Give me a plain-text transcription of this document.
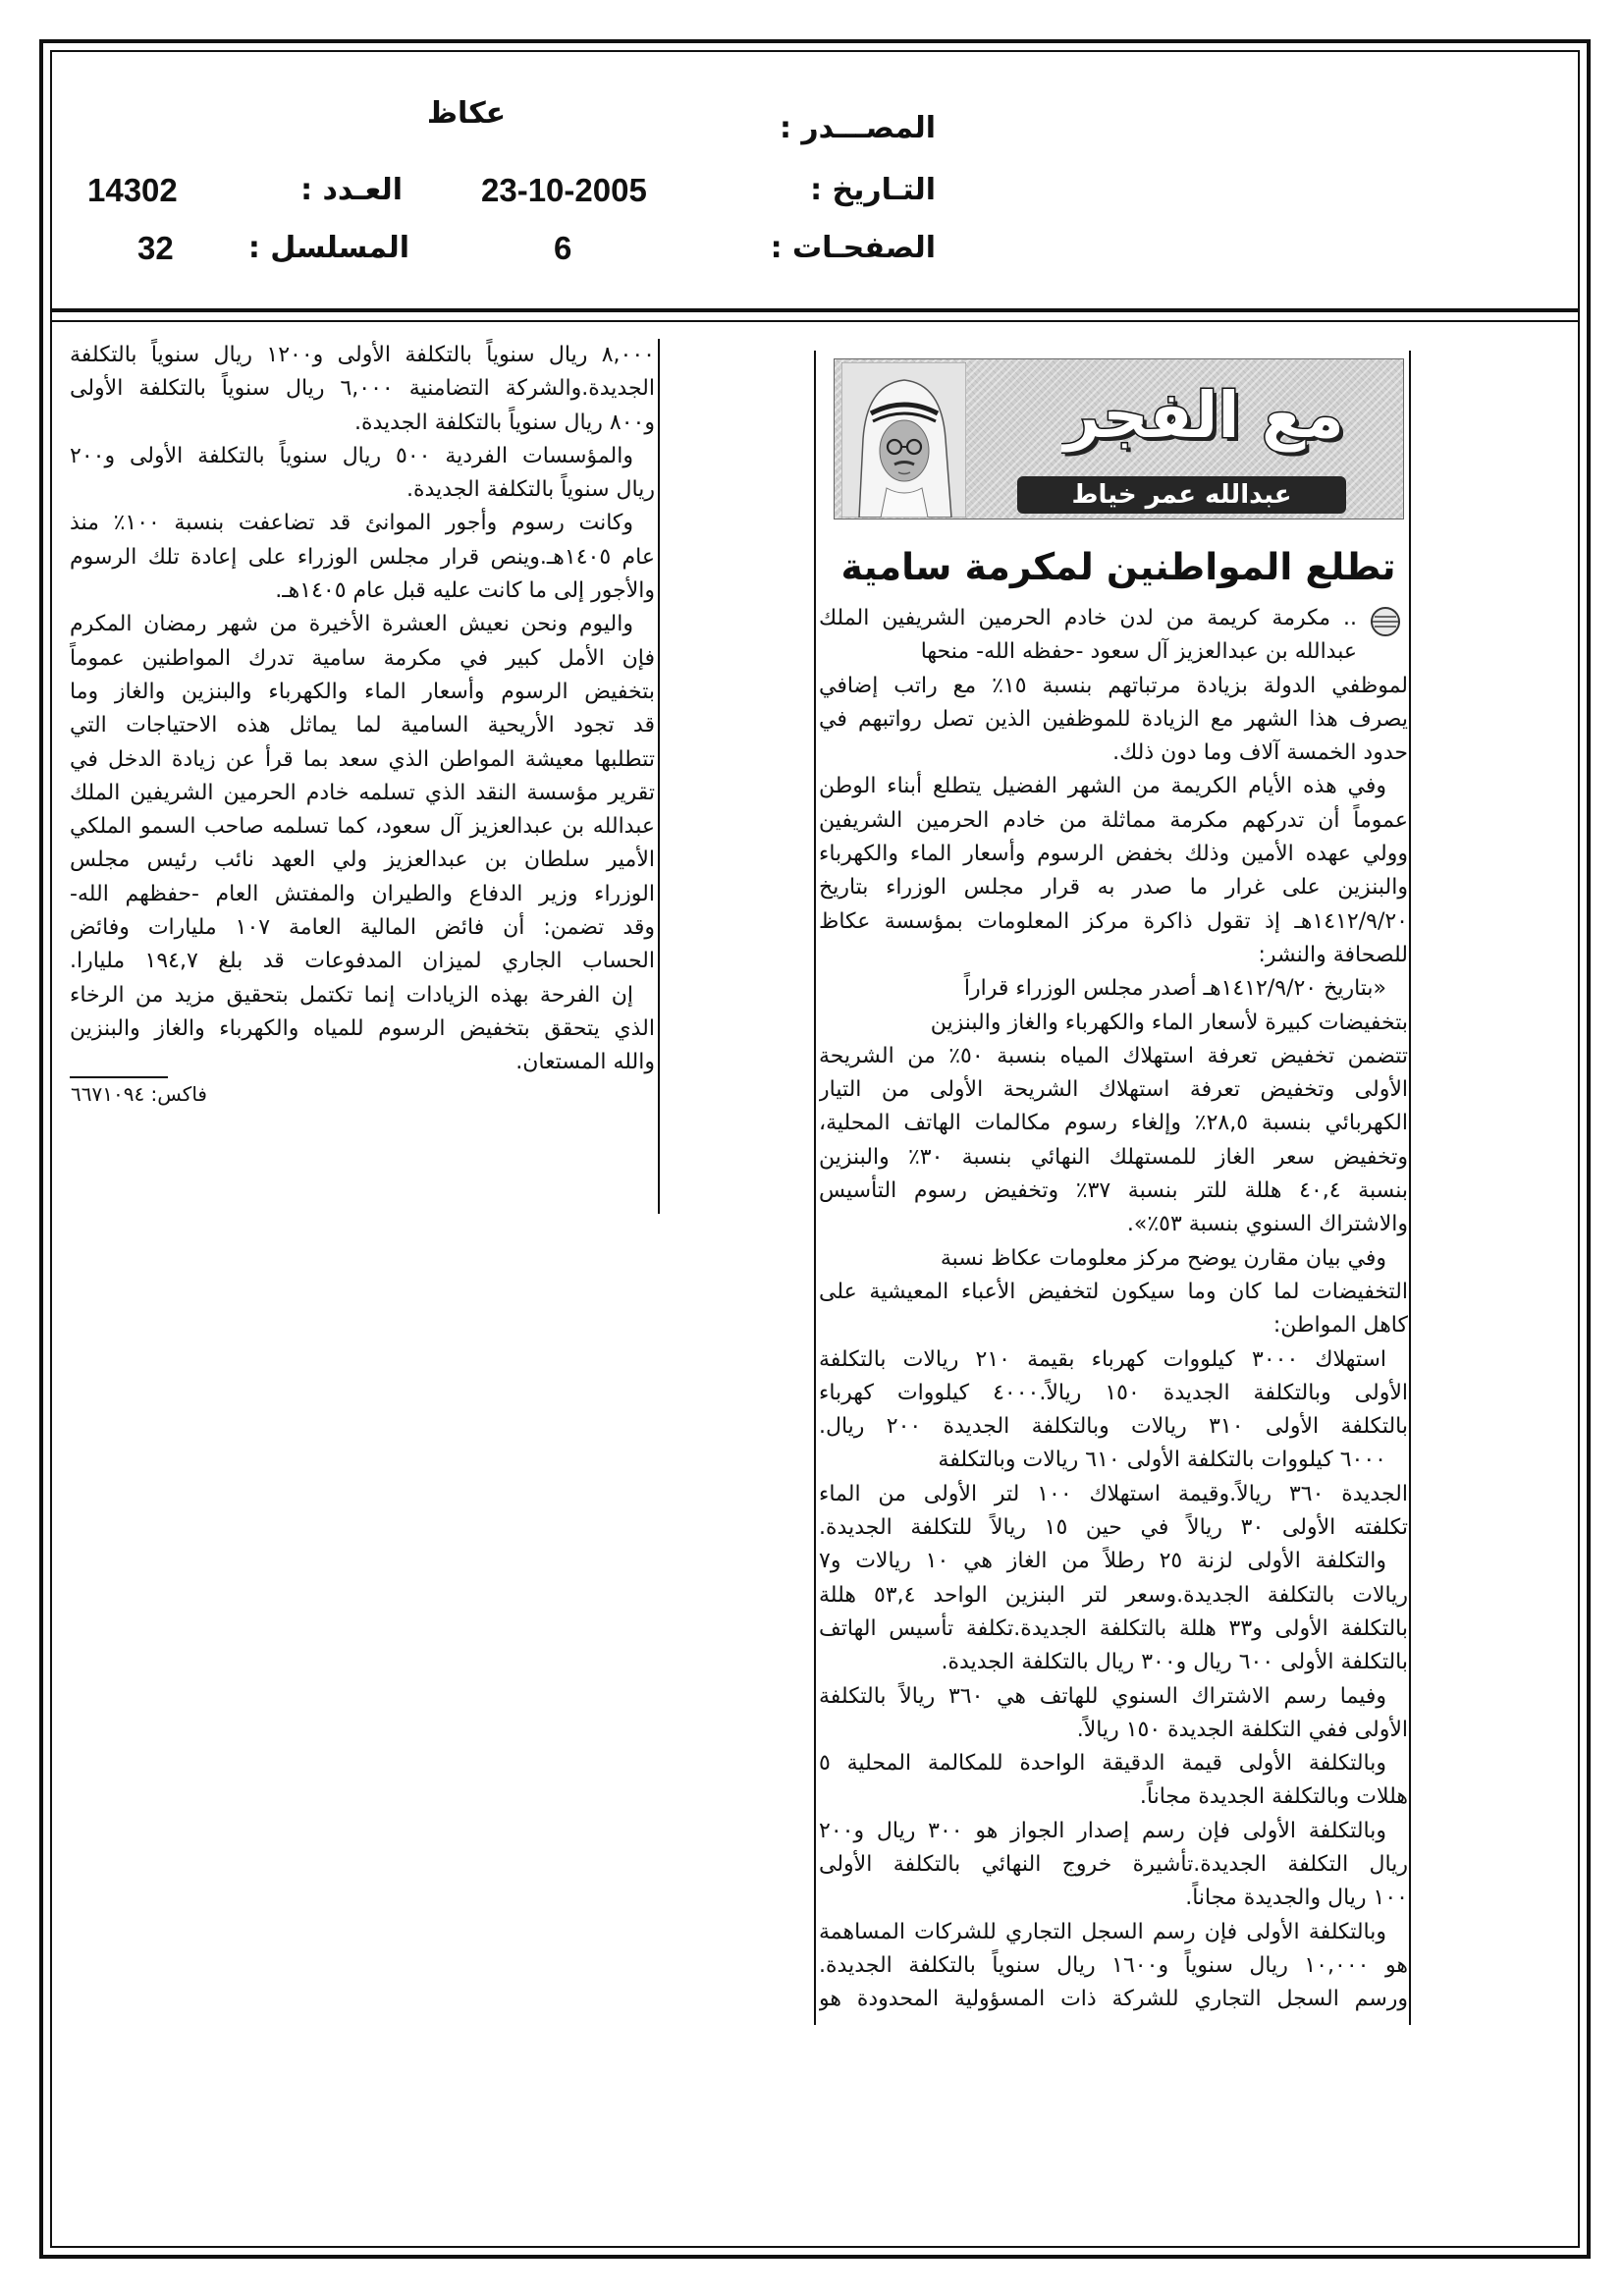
المصـــدر :
عكاظ
التـاريخ :
23-10-2005
العـدد :
14302
الصفحـات :
6
المسلسل :
32
مع الفجر
عبدالله عمر خياط
تطلع المواطنين لمكرمة سامية
.. مكرمة كريمة من لدن خادم الحرمين الشريفين الملك
عبدالله بن عبدالعزيز آل سعود -حفظه الله- منحها
لموظفي الدولة بزيادة مرتباتهم بنسبة ١٥٪ مع راتب إضافي
يصرف هذا الشهر مع الزيادة للموظفين الذين تصل رواتبهم في
حدود الخمسة آلاف وما دون ذلك.
وفي هذه الأيام الكريمة من الشهر الفضيل يتطلع أبناء الوطن
عموماً أن تدركهم مكرمة مماثلة من خادم الحرمين الشريفين
وولي عهده الأمين وذلك بخفض الرسوم وأسعار الماء والكهرباء
والبنزين على غرار ما صدر به قرار مجلس الوزراء بتاريخ
١٤١٢/٩/٢٠هـ إذ تقول ذاكرة مركز المعلومات بمؤسسة عكاظ
للصحافة والنشر:
«بتاريخ ١٤١٢/٩/٢٠هـ أصدر مجلس الوزراء قراراً
بتخفيضات كبيرة لأسعار الماء والكهرباء والغاز والبنزين
تتضمن تخفيض تعرفة استهلاك المياه بنسبة ٥٠٪ من الشريحة
الأولى وتخفيض تعرفة استهلاك الشريحة الأولى من التيار
الكهربائي بنسبة ٢٨,٥٪ وإلغاء رسوم مكالمات الهاتف المحلية،
وتخفيض سعر الغاز للمستهلك النهائي بنسبة ٣٠٪ والبنزين
بنسبة ٤٠,٤ هللة للتر بنسبة ٣٧٪ وتخفيض رسوم التأسيس
والاشتراك السنوي بنسبة ٥٣٪».
وفي بيان مقارن يوضح مركز معلومات عكاظ نسبة
التخفيضات لما كان وما سيكون لتخفيض الأعباء المعيشية على
كاهل المواطن:
استهلاك ٣٠٠٠ كيلووات كهرباء بقيمة ٢١٠ ريالات بالتكلفة
الأولى وبالتكلفة الجديدة ١٥٠ ريالاً.٤٠٠٠ كيلووات كهرباء
بالتكلفة الأولى ٣١٠ ريالات وبالتكلفة الجديدة ٢٠٠ ريال.
٦٠٠٠ كيلووات بالتكلفة الأولى ٦١٠ ريالات وبالتكلفة
الجديدة ٣٦٠ ريالاً.وقيمة استهلاك ١٠٠ لتر الأولى من الماء
تكلفته الأولى ٣٠ ريالاً في حين ١٥ ريالاً للتكلفة الجديدة.
والتكلفة الأولى لزنة ٢٥ رطلاً من الغاز هي ١٠ ريالات و٧
ريالات بالتكلفة الجديدة.وسعر لتر البنزين الواحد ٥٣,٤ هللة
بالتكلفة الأولى و٣٣ هللة بالتكلفة الجديدة.تكلفة تأسيس الهاتف
بالتكلفة الأولى ٦٠٠ ريال و٣٠٠ ريال بالتكلفة الجديدة.
وفيما رسم الاشتراك السنوي للهاتف هي ٣٦٠ ريالاً بالتكلفة
الأولى ففي التكلفة الجديدة ١٥٠ ريالاً.
وبالتكلفة الأولى قيمة الدقيقة الواحدة للمكالمة المحلية ٥
هللات وبالتكلفة الجديدة مجاناً.
وبالتكلفة الأولى فإن رسم إصدار الجواز هو ٣٠٠ ريال و٢٠٠
ريال التكلفة الجديدة.تأشيرة خروج النهائي بالتكلفة الأولى
١٠٠ ريال والجديدة مجاناً.
وبالتكلفة الأولى فإن رسم السجل التجاري للشركات المساهمة
هو ١٠,٠٠٠ ريال سنوياً و١٦٠٠ ريال سنوياً بالتكلفة الجديدة.
ورسم السجل التجاري للشركة ذات المسؤولية المحدودة هو
٨,٠٠٠ ريال سنوياً بالتكلفة الأولى و١٢٠٠ ريال سنوياً بالتكلفة
الجديدة.والشركة التضامنية ٦,٠٠٠ ريال سنوياً بالتكلفة الأولى
و٨٠٠ ريال سنوياً بالتكلفة الجديدة.
والمؤسسات الفردية ٥٠٠ ريال سنوياً بالتكلفة الأولى و٢٠٠
ريال سنوياً بالتكلفة الجديدة.
وكانت رسوم وأجور الموانئ قد تضاعفت بنسبة ١٠٠٪ منذ
عام ١٤٠٥هـ.وينص قرار مجلس الوزراء على إعادة تلك الرسوم
والأجور إلى ما كانت عليه قبل عام ١٤٠٥هـ.
واليوم ونحن نعيش العشرة الأخيرة من شهر رمضان المكرم
فإن الأمل كبير في مكرمة سامية تدرك المواطنين عموماً
بتخفيض الرسوم وأسعار الماء والكهرباء والبنزين والغاز وما
قد تجود الأريحية السامية لما يماثل هذه الاحتياجات التي
تتطلبها معيشة المواطن الذي سعد بما قرأ عن زيادة الدخل في
تقرير مؤسسة النقد الذي تسلمه خادم الحرمين الشريفين الملك
عبدالله بن عبدالعزيز آل سعود، كما تسلمه صاحب السمو الملكي
الأمير سلطان بن عبدالعزيز ولي العهد نائب رئيس مجلس
الوزراء وزير الدفاع والطيران والمفتش العام -حفظهم الله-
وقد تضمن: أن فائض المالية العامة ١٠٧ مليارات وفائض
الحساب الجاري لميزان المدفوعات قد بلغ ١٩٤,٧ مليارا.
إن الفرحة بهذه الزيادات إنما تكتمل بتحقيق مزيد من الرخاء
الذي يتحقق بتخفيض الرسوم للمياه والكهرباء والغاز والبنزين
والله المستعان.
فاكس: ٦٦٧١٠٩٤
